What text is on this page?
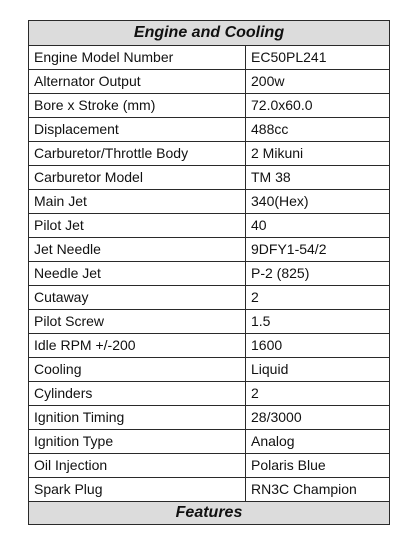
Engine and Cooling	
Engine Model Number	EC50PL241
Alternator Output	200w
Bore x Stroke (mm)	72.0x60.0
Displacement	488cc
Carburetor/Throttle Body	2 Mikuni
Carburetor Model	TM 38
Main Jet	340(Hex)
Pilot Jet	40
Jet Needle	9DFY1-54/2
Needle Jet	P-2 (825)
Cutaway	2
Pilot Screw	1.5
Idle RPM +/-200	1600
Cooling	Liquid
Cylinders	2
Ignition Timing	28/3000
Ignition Type	Analog
Oil Injection	Polaris Blue
Spark Plug	RN3C Champion
Features	
